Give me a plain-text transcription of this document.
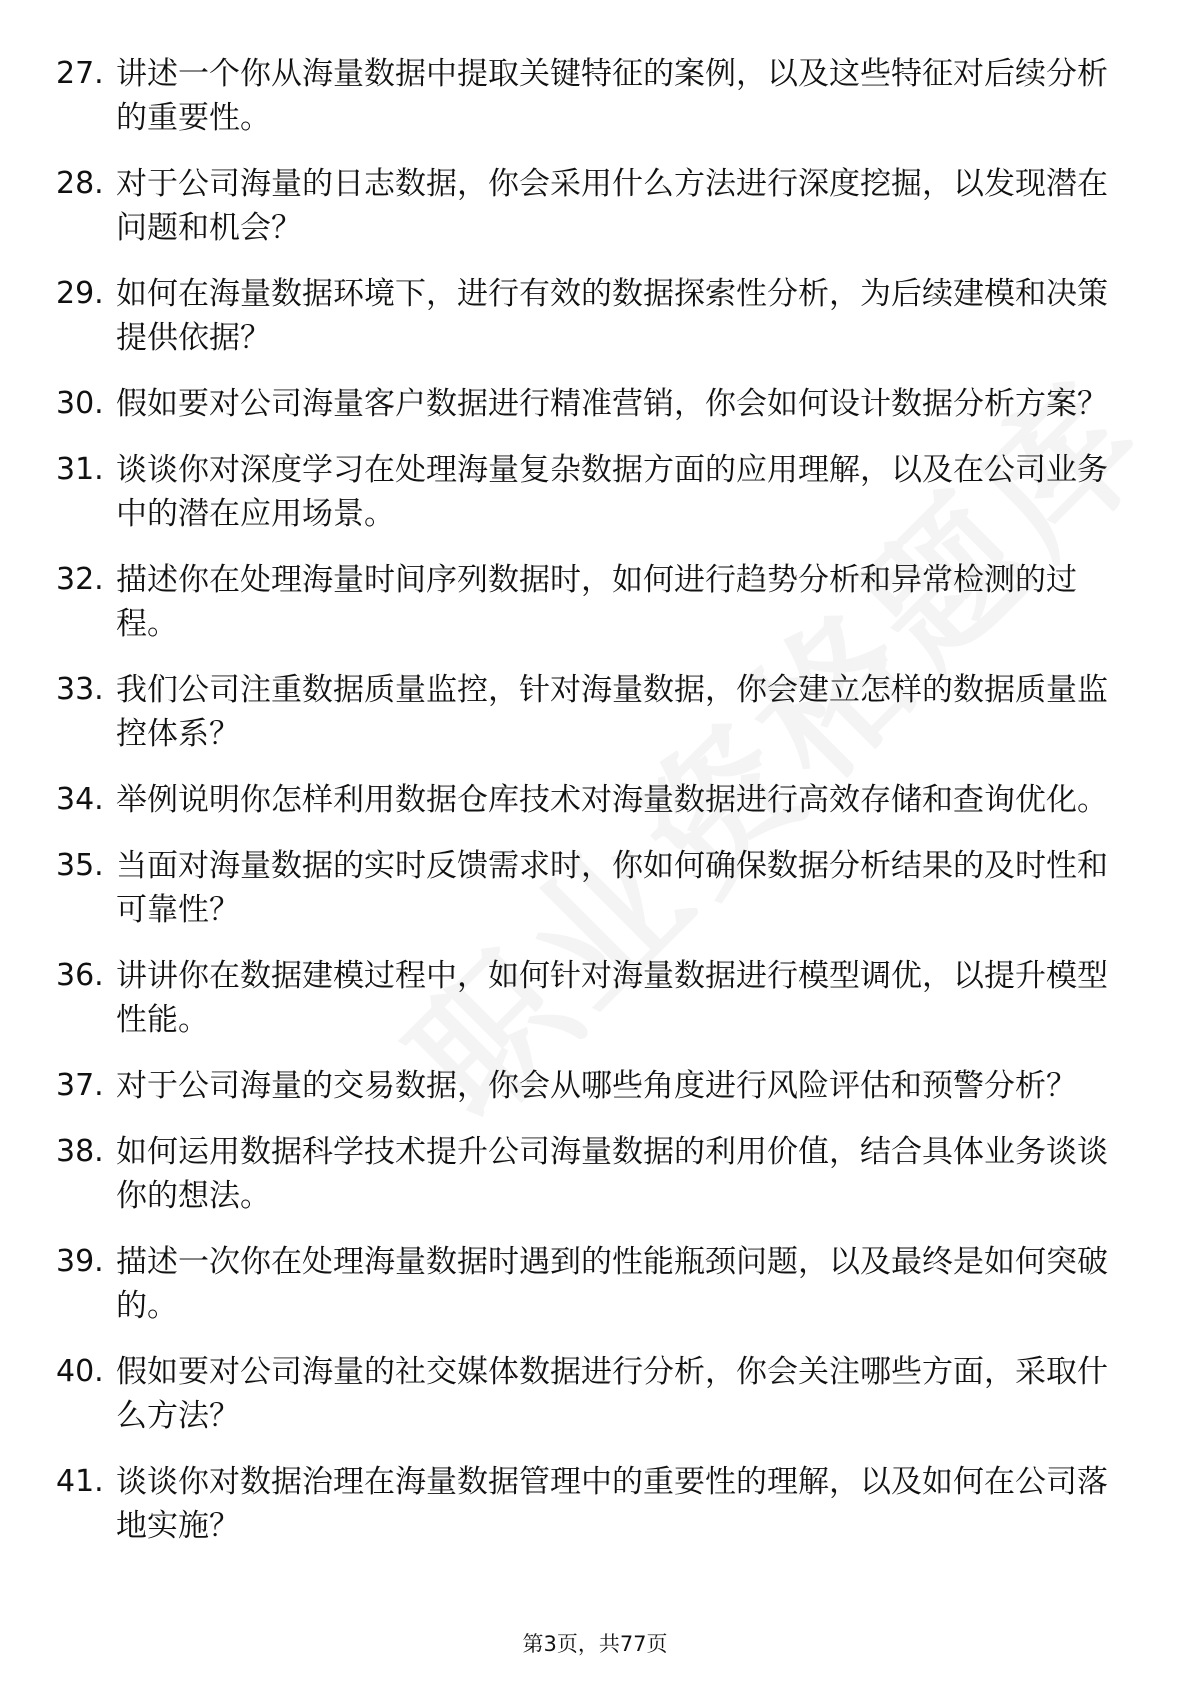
27. 讲述一个你从海量数据中提取关键特征的案例，以及这些特征对后续分析的重要性。
28. 对于公司海量的日志数据，你会采用什么方法进行深度挖掘，以发现潜在问题和机会？
29. 如何在海量数据环境下，进行有效的数据探索性分析，为后续建模和决策提供依据？
30. 假如要对公司海量客户数据进行精准营销，你会如何设计数据分析方案？
31. 谈谈你对深度学习在处理海量复杂数据方面的应用理解，以及在公司业务中的潜在应用场景。
32. 描述你在处理海量时间序列数据时，如何进行趋势分析和异常检测的过程。
33. 我们公司注重数据质量监控，针对海量数据，你会建立怎样的数据质量监控体系？
34. 举例说明你怎样利用数据仓库技术对海量数据进行高效存储和查询优化。
35. 当面对海量数据的实时反馈需求时，你如何确保数据分析结果的及时性和可靠性？
36. 讲讲你在数据建模过程中，如何针对海量数据进行模型调优，以提升模型性能。
37. 对于公司海量的交易数据，你会从哪些角度进行风险评估和预警分析？
38. 如何运用数据科学技术提升公司海量数据的利用价值，结合具体业务谈谈你的想法。
39. 描述一次你在处理海量数据时遇到的性能瓶颈问题，以及最终是如何突破的。
40. 假如要对公司海量的社交媒体数据进行分析，你会关注哪些方面，采取什么方法？
41. 谈谈你对数据治理在海量数据管理中的重要性的理解，以及如何在公司落地实施？
第3页，共77页
